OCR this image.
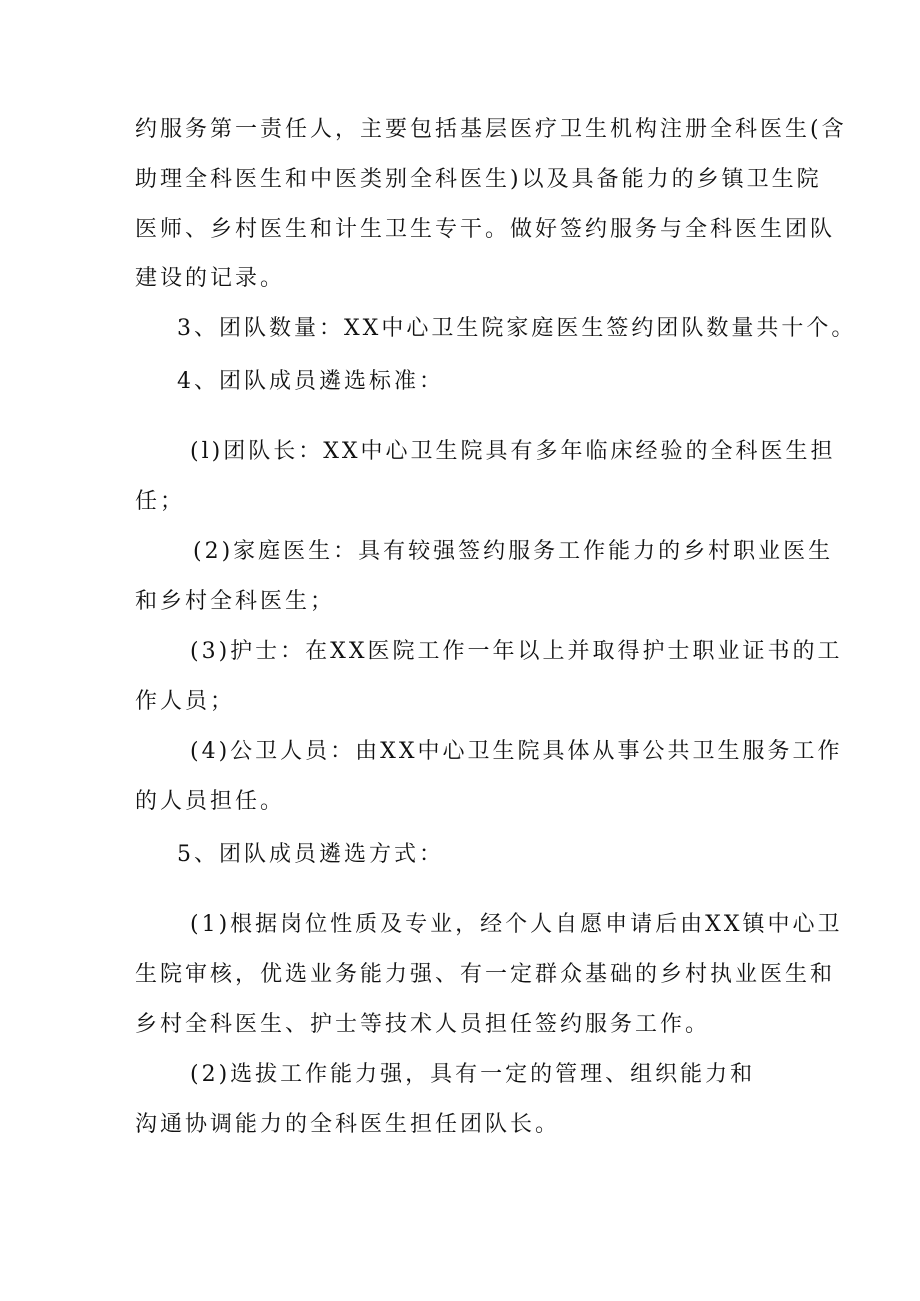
约服务第一责任人，主要包括基层医疗卫生机构注册全科医生(含

助理全科医生和中医类别全科医生)以及具备能力的乡镇卫生院

医师、乡村医生和计生卫生专干。做好签约服务与全科医生团队

建设的记录。

3、团队数量：XX中心卫生院家庭医生签约团队数量共十个。

4、团队成员遴选标准：

(l)团队长：XX中心卫生院具有多年临床经验的全科医生担

任；

(2)家庭医生：具有较强签约服务工作能力的乡村职业医生

和乡村全科医生；

(3)护士：在XX医院工作一年以上并取得护士职业证书的工

作人员；

(4)公卫人员：由XX中心卫生院具体从事公共卫生服务工作

的人员担任。

5、团队成员遴选方式：

(1)根据岗位性质及专业，经个人自愿申请后由XX镇中心卫

生院审核，优选业务能力强、有一定群众基础的乡村执业医生和

乡村全科医生、护士等技术人员担任签约服务工作。

(2)选拔工作能力强，具有一定的管理、组织能力和

沟通协调能力的全科医生担任团队长。
